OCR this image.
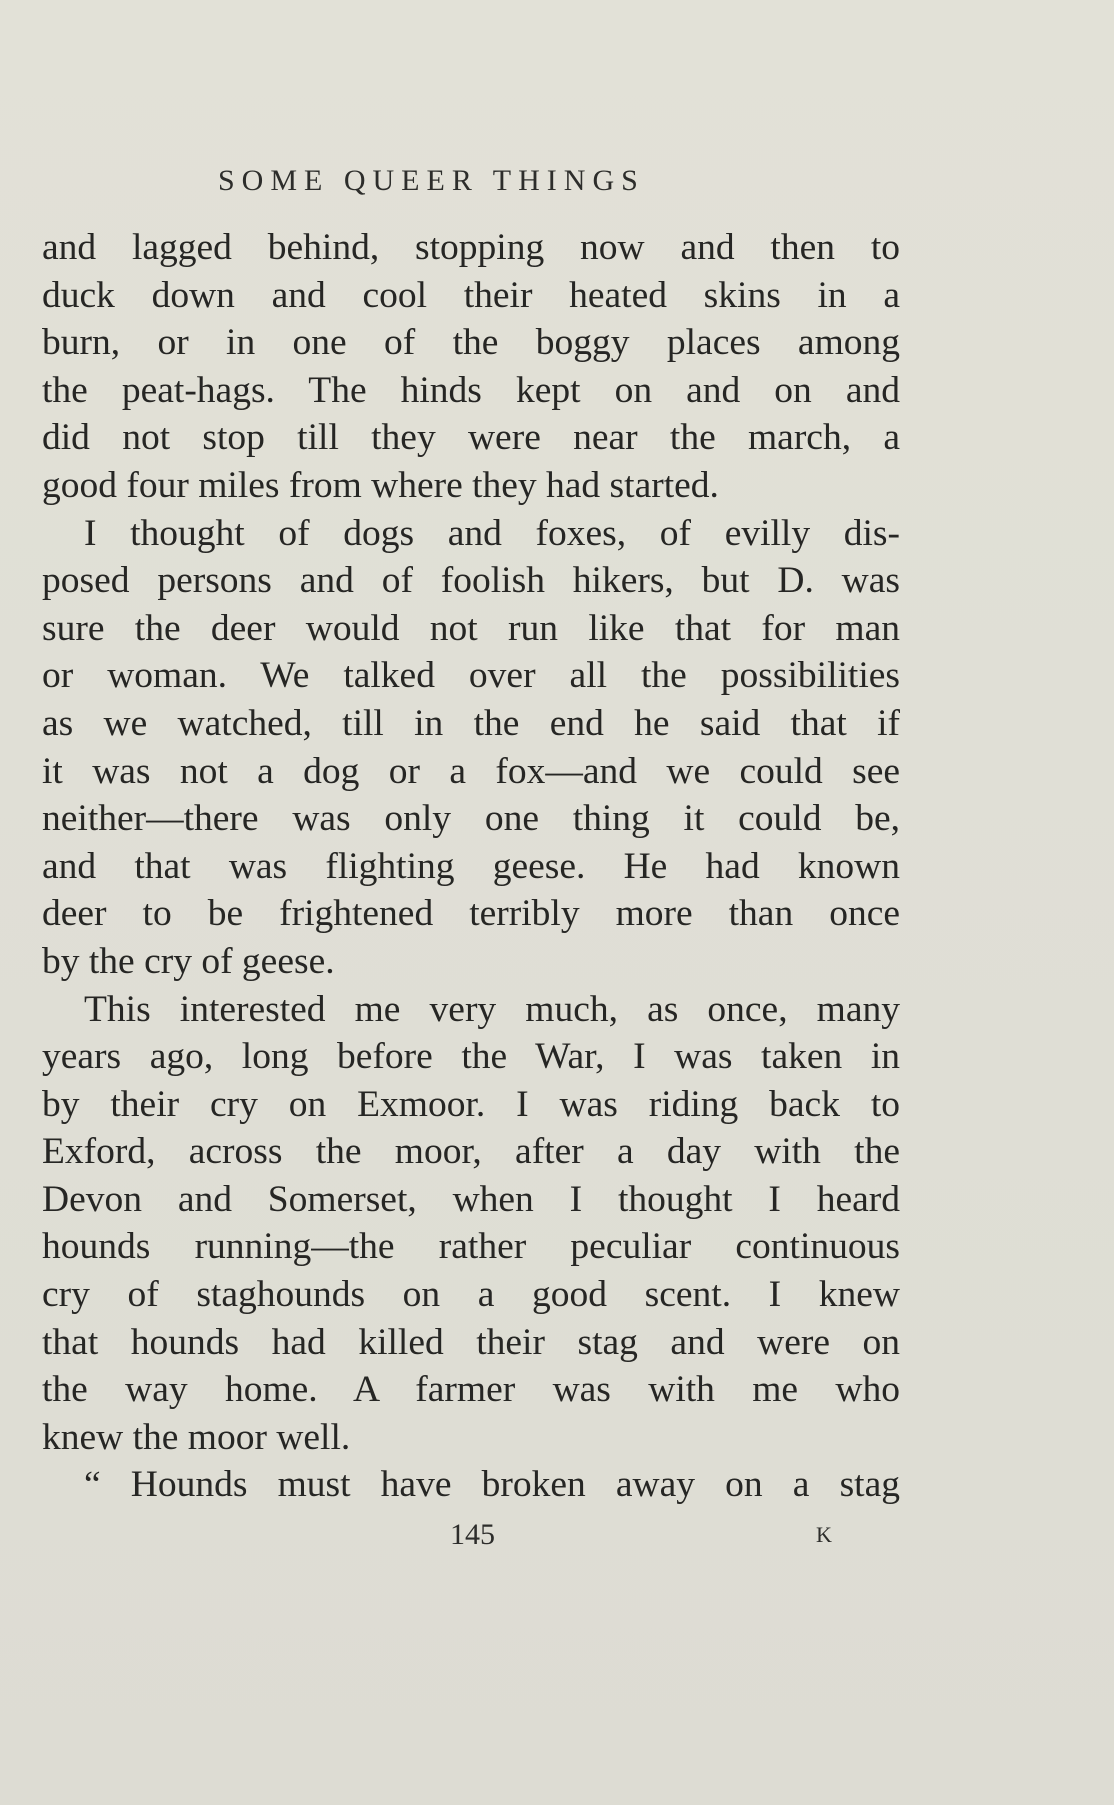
SOME QUEER THINGS
and lagged behind, stopping now and then to
duck down and cool their heated skins in a
burn, or in one of the boggy places among
the peat-hags. The hinds kept on and on and
did not stop till they were near the march, a
good four miles from where they had started.
I thought of dogs and foxes, of evilly dis-
posed persons and of foolish hikers, but D. was
sure the deer would not run like that for man
or woman. We talked over all the possibilities
as we watched, till in the end he said that if
it was not a dog or a fox—and we could see
neither—there was only one thing it could be,
and that was flighting geese. He had known
deer to be frightened terribly more than once
by the cry of geese.
This interested me very much, as once, many
years ago, long before the War, I was taken in
by their cry on Exmoor. I was riding back to
Exford, across the moor, after a day with the
Devon and Somerset, when I thought I heard
hounds running—the rather peculiar continuous
cry of staghounds on a good scent. I knew
that hounds had killed their stag and were on
the way home. A farmer was with me who
knew the moor well.
“ Hounds must have broken away on a stag
145	K
